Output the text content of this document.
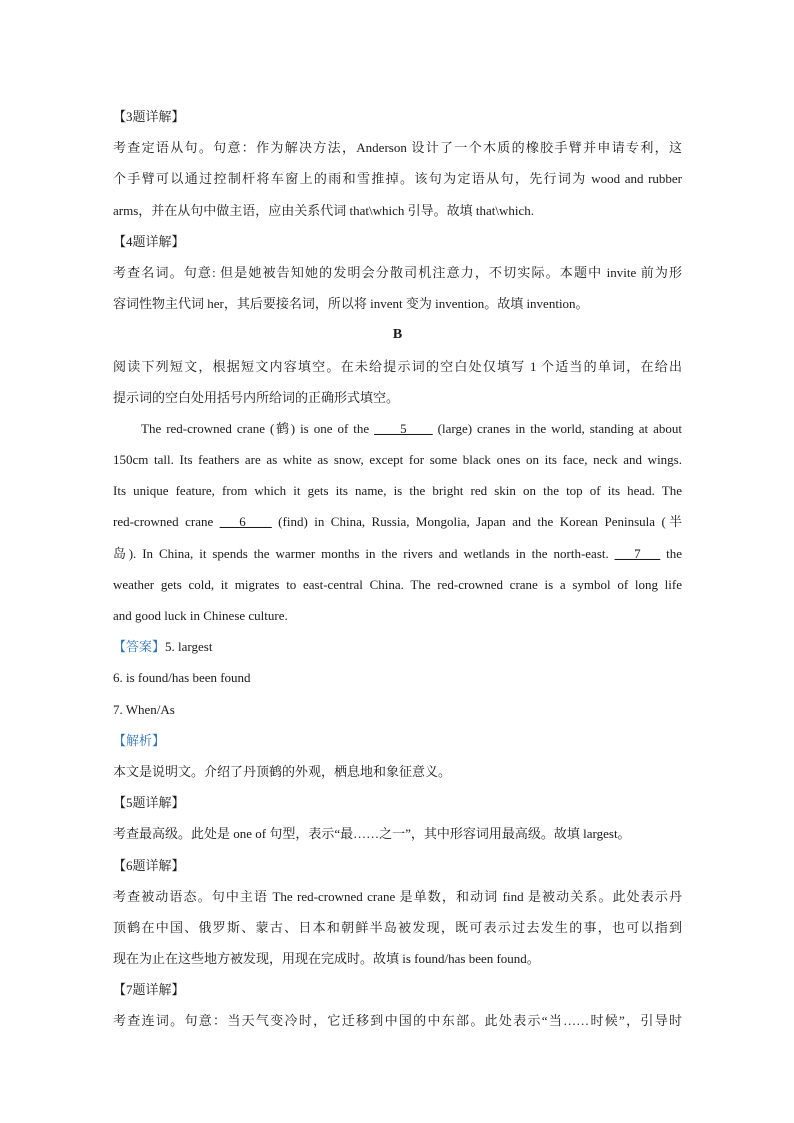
【3题详解】
考查定语从句。句意：作为解决方法，Anderson 设计了一个木质的橡胶手臂并申请专利，这
个手臂可以通过控制杆将车窗上的雨和雪推掉。该句为定语从句，先行词为 wood and rubber
arms，并在从句中做主语，应由关系代词 that\which 引导。故填 that\which.
【4题详解】
考查名词。句意: 但是她被告知她的发明会分散司机注意力，不切实际。本题中 invite 前为形
容词性物主代词 her，其后要接名词，所以将 invent 变为 invention。故填 invention。
B
阅读下列短文，根据短文内容填空。在未给提示词的空白处仅填写 1 个适当的单词，在给出
提示词的空白处用括号内所给词的正确形式填空。
The red-crowned crane (鹤) is one of the ____5____ (large) cranes in the world, standing at about
150cm tall. Its feathers are as white as snow, except for some black ones on its face, neck and wings.
Its unique feature, from which it gets its name, is the bright red skin on the top of its head. The
red-crowned crane ___6____ (find) in China, Russia, Mongolia, Japan and the Korean Peninsula (半
岛). In China, it spends the warmer months in the rivers and wetlands in the north-east. ___7___ the
weather gets cold, it migrates to east-central China. The red-crowned crane is a symbol of long life
and good luck in Chinese culture.
【答案】5. largest
6. is found/has been found
7. When/As
【解析】
本文是说明文。介绍了丹顶鹤的外观，栖息地和象征意义。
【5题详解】
考查最高级。此处是 one of 句型，表示“最……之一”，其中形容词用最高级。故填 largest。
【6题详解】
考查被动语态。句中主语 The red-crowned crane 是单数，和动词 find 是被动关系。此处表示丹
顶鹤在中国、俄罗斯、蒙古、日本和朝鲜半岛被发现，既可表示过去发生的事，也可以指到
现在为止在这些地方被发现，用现在完成时。故填 is found/has been found。
【7题详解】
考查连词。句意：当天气变冷时，它迁移到中国的中东部。此处表示“当……时候”，引导时
